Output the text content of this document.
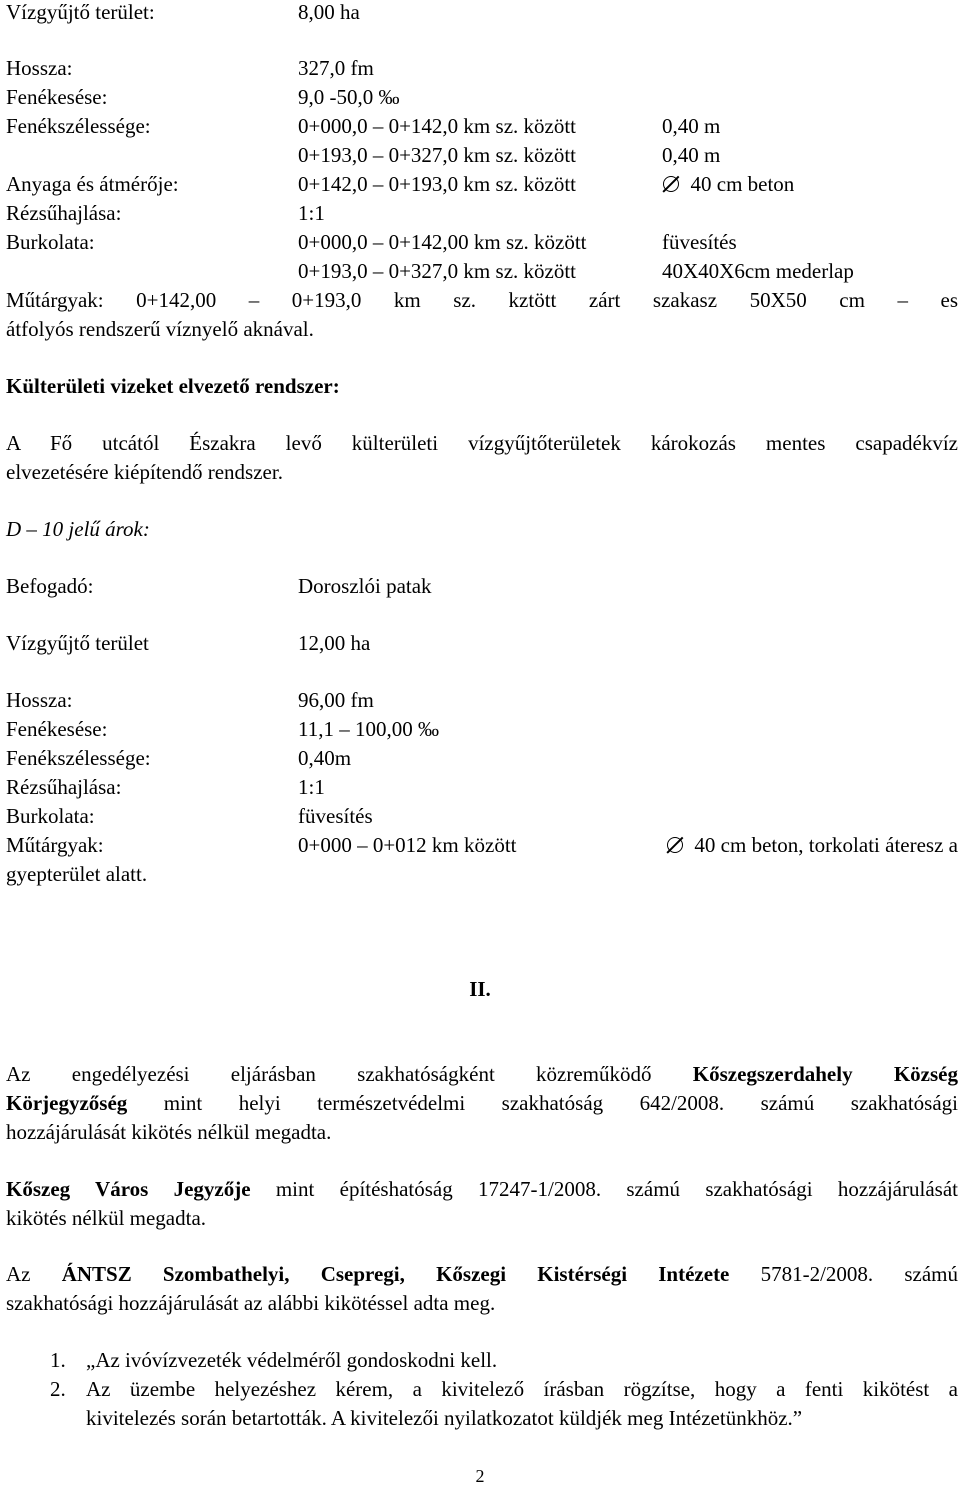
Vízgyűjtő terület:	8,00 ha
Hossza:	327,0 fm
Fenékesése:	9,0 -50,0 ‰
Fenékszélessége:	0+000,0 – 0+142,0 km sz. között	0,40 m
0+193,0 – 0+327,0 km sz. között	0,40 m
Anyaga és átmérője:	0+142,0 – 0+193,0 km sz. között	40 cm beton
Rézsűhajlása:	1:1
Burkolata:	0+000,0 – 0+142,00 km sz. között	füvesítés
0+193,0 – 0+327,0 km sz. között	40X40X6cm mederlap
Műtárgyak: 0+142,00 – 0+193,0 km sz. kztött zárt szakasz 50X50 cm – es
átfolyós rendszerű víznyelő aknával.
Külterületi vizeket elvezető rendszer:
A Fő utcától Északra levő külterületi vízgyűjtőterületek károkozás mentes csapadékvíz
elvezetésére kiépítendő rendszer.
D – 10 jelű árok:
Befogadó:	Doroszlói patak
Vízgyűjtő terület	12,00 ha
Hossza:	96,00 fm
Fenékesése:	11,1 – 100,00 ‰
Fenékszélessége:	0,40m
Rézsűhajlása:	1:1
Burkolata:	füvesítés
Műtárgyak:	0+000 – 0+012 km között	40 cm beton, torkolati áteresz a
gyepterület alatt.
II.
Az engedélyezési eljárásban szakhatóságként közreműködő Kőszegszerdahely Község
Körjegyzőség mint helyi természetvédelmi szakhatóság 642/2008. számú szakhatósági
hozzájárulását kikötés nélkül megadta.
Kőszeg Város Jegyzője mint építéshatóság 17247-1/2008. számú szakhatósági hozzájárulását
kikötés nélkül megadta.
Az ÁNTSZ Szombathelyi, Csepregi, Kőszegi Kistérségi Intézete 5781-2/2008. számú
szakhatósági hozzájárulását az alábbi kikötéssel adta meg.
1. „Az ivóvízvezeték védelméről gondoskodni kell.
2. Az üzembe helyezéshez kérem, a kivitelező írásban rögzítse, hogy a fenti kikötést a
kivitelezés során betartották. A kivitelezői nyilatkozatot küldjék meg Intézetünkhöz.”
2
